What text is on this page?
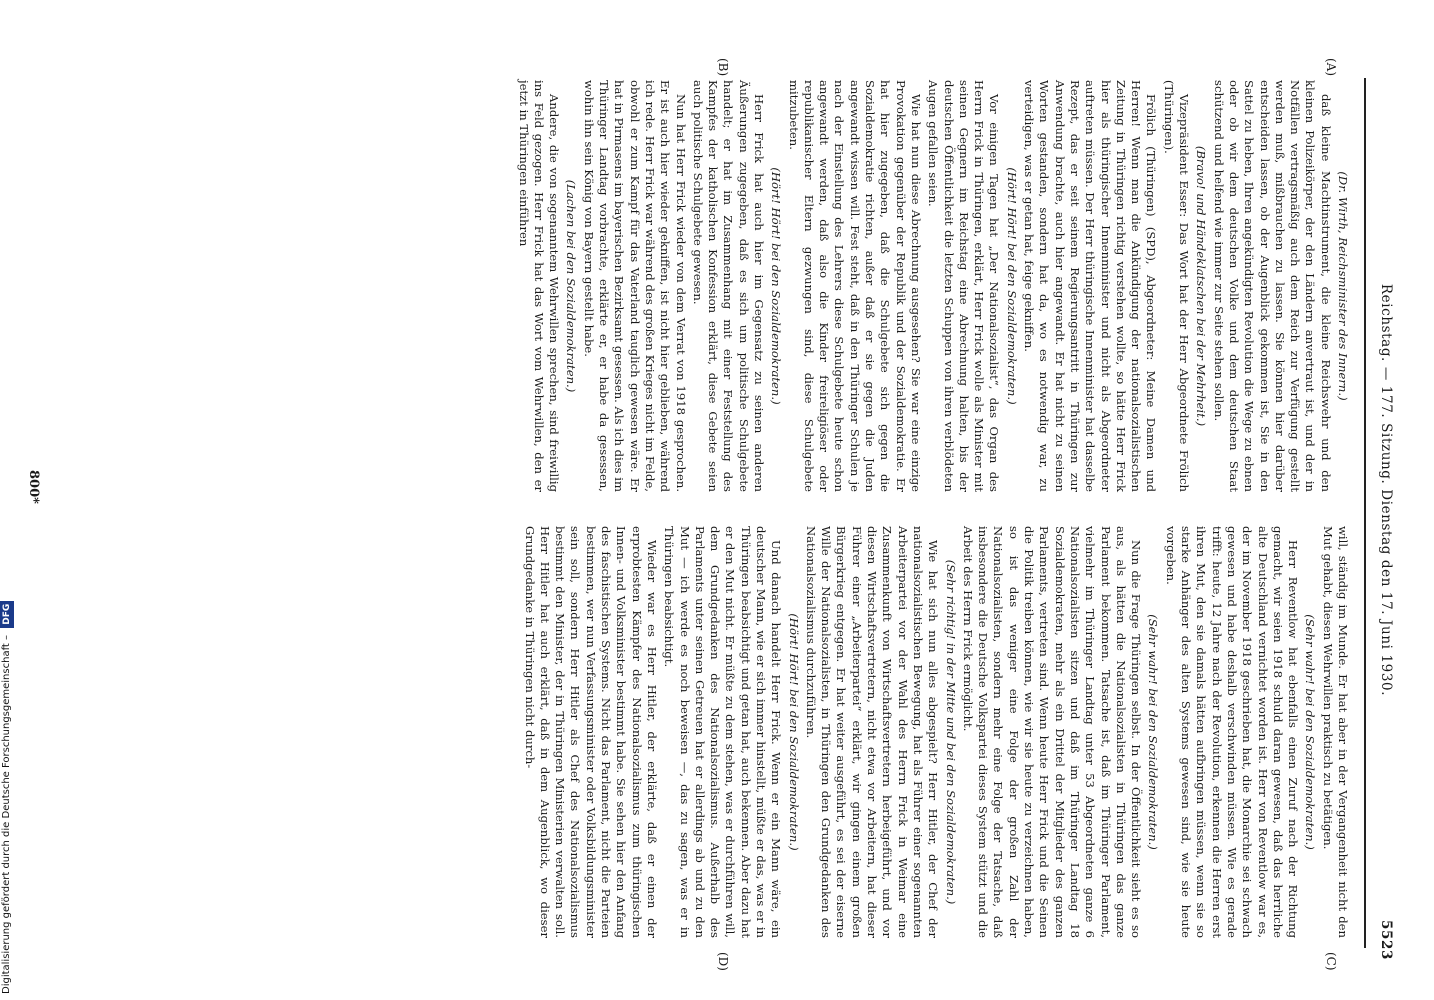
Reichstag. — 177. Sitzung. Dienstag den 17. Juni 1930.
5523
(A)
(B)
(C)
(D)

(Dr. Wirth, Reichsminister des Innern.)

daß kleine Machtinstrument, die kleine Reichswehr und den kleinen Polizeikörper, der den Ländern anvertraut ist, und der in Notfällen vertragsmäßig auch dem Reich zur Verfügung gestellt werden muß, mißbrauchen zu lassen. Sie können hier darüber entscheiden lassen, ob der Augenblick gekommen ist, Sie in den Sattel zu heben, Ihren angekündigten Revolution die Wege zu ebnen oder ob wir dem deutschen Volke und dem deutschen Staat schützend und helfend wie immer zur Seite stehen sollen.

(Bravo! und Händeklatschen bei der Mehrheit.)

Vizepräsident Esser: Das Wort hat der Herr Abgeordnete Frölich (Thüringen).

Frölich (Thüringen) (SPD), Abgeordneter: Meine Damen und Herren! Wenn man die Ankündigung der nationalsozialistischen Zeitung in Thüringen richtig verstehen wollte, so hätte Herr Frick hier als thüringischer Innenminister und nicht als Abgeordneter auftreten müssen. Der Herr thüringische Innenminister hat dasselbe Rezept, das er seit seinem Regierungsantritt in Thüringen zur Anwendung brachte, auch hier angewandt. Er hat nicht zu seinen Worten gestanden, sondern hat da, wo es notwendig war, zu verteidigen, was er getan hat, feige gekniffen.

(Hört! Hört! bei den Sozialdemokraten.)

Vor einigen Tagen hat „Der Nationalsozialist“, das Organ des Herrn Frick in Thüringen, erklärt, Herr Frick wolle als Minister mit seinen Gegnern im Reichstag eine Abrechnung halten, bis der deutschen Öffentlichkeit die letzten Schuppen von ihren verblödeten Augen gefallen seien.

Wie hat nun diese Abrechnung ausgesehen? Sie war eine einzige Provokation gegenüber der Republik und der Sozialdemokratie. Er hat hier zugegeben, daß die Schulgebete sich gegen die Sozialdemokratie richten, außer daß er sie gegen die Juden angewandt wissen will. Fest steht, daß in den Thüringer Schulen je nach der Einstellung des Lehrers diese Schulgebete heute schon angewandt werden, daß also die Kinder freireligiöser oder republikanischer Eltern gezwungen sind, diese Schulgebete mitzubeten.

(Hört! Hört! bei den Sozialdemokraten.)

Herr Frick hat auch hier im Gegensatz zu seinen anderen Äußerungen zugegeben, daß es sich um politische Schulgebete handelt; er hat im Zusammenhang mit einer Feststellung des Kampfes der katholischen Konfession erklärt, diese Gebete seien auch politische Schulgebete gewesen.

Nun hat Herr Frick wieder von dem Verrat von 1918 gesprochen. Er ist auch hier wieder gekniffen, ist nicht hier geblieben, während ich rede. Herr Frick war während des großen Krieges nicht im Felde, obwohl er zum Kampf für das Vaterland tauglich gewesen wäre. Er hat in Pirmasens im bayerischen Bezirksamt gesessen. Als ich dies im Thüringer Landtag vorbrachte, erklärte er, er habe da gesessen, wohin ihn sein König von Bayern gestellt habe.

(Lachen bei den Sozialdemokraten.)

Andere, die von sogenanntem Wehrwillen sprechen, sind freiwillig ins Feld gezogen. Herr Frick hat das Wort vom Wehrwillen, den er jetzt in Thüringen einführen

will, ständig im Munde. Er hat aber in der Vergangenheit nicht den Mut gehabt, diesen Wehrwillen praktisch zu betätigen.

(Sehr wahr! bei den Sozialdemokraten.)

Herr Reventlow hat ebenfalls einen Zuruf nach der Richtung gemacht, wir seien 1918 schuld daran gewesen, daß das herrliche alte Deutschland vernichtet worden ist. Herr von Reventlow war es, der im November 1918 geschrieben hat, die Monarchie sei schwach gewesen und habe deshalb verschwinden müssen. Wie es gerade trifft: heute, 12 Jahre nach der Revolution, erkennen die Herren erst ihren Mut, den sie damals hätten aufbringen müssen, wenn sie so starke Anhänger des alten Systems gewesen sind, wie sie heute vorgeben.

(Sehr wahr! bei den Sozialdemokraten.)

Nun die Frage Thüringen selbst. In der Öffentlichkeit sieht es so aus, als hätten die Nationalsozialisten in Thüringen das ganze Parlament bekommen. Tatsache ist, daß im Thüringer Parlament, vielmehr im Thüringer Landtag unter 53 Abgeordneten ganze 6 Nationalsozialisten sitzen und daß im Thüringer Landtag 18 Sozialdemokraten, mehr als ein Drittel der Mitglieder des ganzen Parlaments, vertreten sind. Wenn heute Herr Frick und die Seinen die Politik treiben können, wie wir sie heute zu verzeichnen haben, so ist das weniger eine Folge der großen Zahl der Nationalsozialisten, sondern mehr eine Folge der Tatsache, daß insbesondere die Deutsche Volkspartei dieses System stützt und die Arbeit des Herrn Frick ermöglicht.

(Sehr richtig! in der Mitte und bei den Sozialdemokraten.)

Wie hat sich nun alles abgespielt? Herr Hitler, der Chef der nationalsozialistischen Bewegung, hat als Führer einer sogenannten Arbeiterpartei vor der Wahl des Herrn Frick in Weimar eine Zusammenkunft von Wirtschaftsvertretern herbeigeführt, und vor diesen Wirtschaftsvertretern, nicht etwa vor Arbeitern, hat dieser Führer einer „Arbeiterpartei“ erklärt, wir gingen einem großen Bürgerkrieg entgegen. Er hat weiter ausgeführt, es sei der eiserne Wille der Nationalsozialisten, in Thüringen den Grundgedanken des Nationalsozialismus durchzuführen.

(Hört! Hört! bei den Sozialdemokraten.)

Und danach handelt Herr Frick. Wenn er ein Mann wäre, ein deutscher Mann, wie er sich immer hinstellt, müßte er das, was er in Thüringen beabsichtigt und getan hat, auch bekennen. Aber dazu hat er den Mut nicht. Er müßte zu dem stehen, was er durchführen will, dem Grundgedanken des Nationalsozialismus. Außerhalb des Parlaments unter seinen Getreuen hat er allerdings ab und zu den Mut — ich werde es noch beweisen —, das zu sagen, was er in Thüringen beabsichtigt.

Wieder war es Herr Hitler, der erklärte, daß er einen der erprobtesten Kämpfer des Nationalsozialismus zum thüringischen Innen- und Volksminister bestimmt habe. Sie sehen hier den Anfang des faschistischen Systems. Nicht das Parlament, nicht die Parteien bestimmen, wer nun Verfassungsminister oder Volksbildungsminister sein soll, sondern Herr Hitler als Chef des Nationalsozialismus bestimmt den Minister, der in Thüringen Ministerien verwalten soll. Herr Hitler hat auch erklärt, daß in dem Augenblick, wo dieser Grundgedanke in Thüringen nicht durch-

800*
Digitalisierung gefördert durch die Deutsche Forschungsgemeinschaft – DFG
